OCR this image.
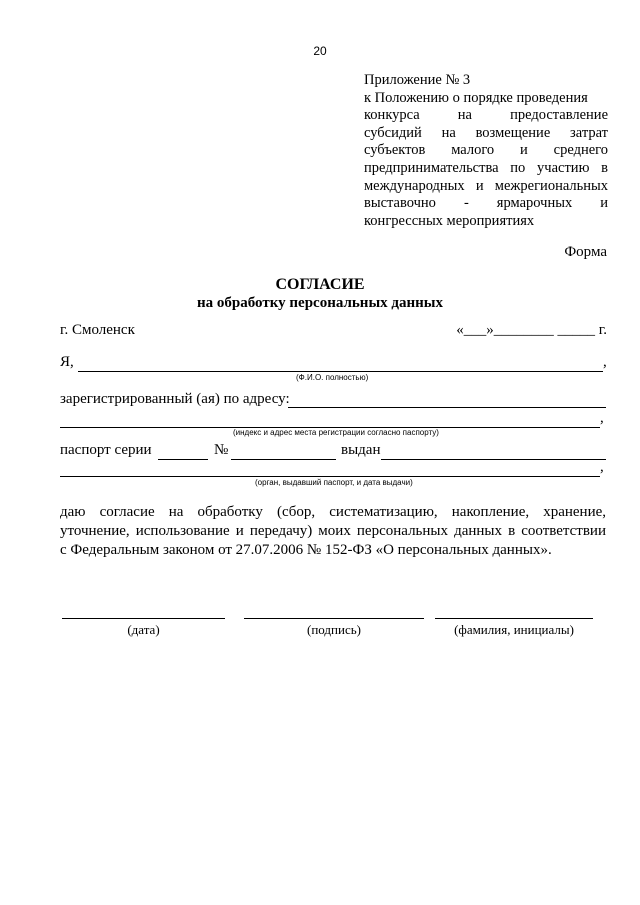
20
Приложение № 3
к Положению о порядке проведения
конкурса на предоставление
субсидий на возмещение затрат
субъектов малого и среднего
предпринимательства по участию в
международных и межрегиональных
выставочно - ярмарочных и
конгрессных мероприятиях
Форма
СОГЛАСИЕ
на обработку персональных данных
г. Смоленск	«___»________ _____ г.
Я,	,
(Ф.И.О. полностью)
зарегистрированный (ая) по адресу:
,
(индекс и адрес места регистрации согласно паспорту)
паспорт серии	№	выдан
,
(орган, выдавший паспорт, и дата выдачи)
даю согласие на обработку (сбор, систематизацию, накопление, хранение,
уточнение, использование и передачу) моих персональных данных в соответствии
с Федеральным законом от 27.07.2006 № 152-ФЗ «О персональных данных».
(дата)	(подпись)	(фамилия, инициалы)
